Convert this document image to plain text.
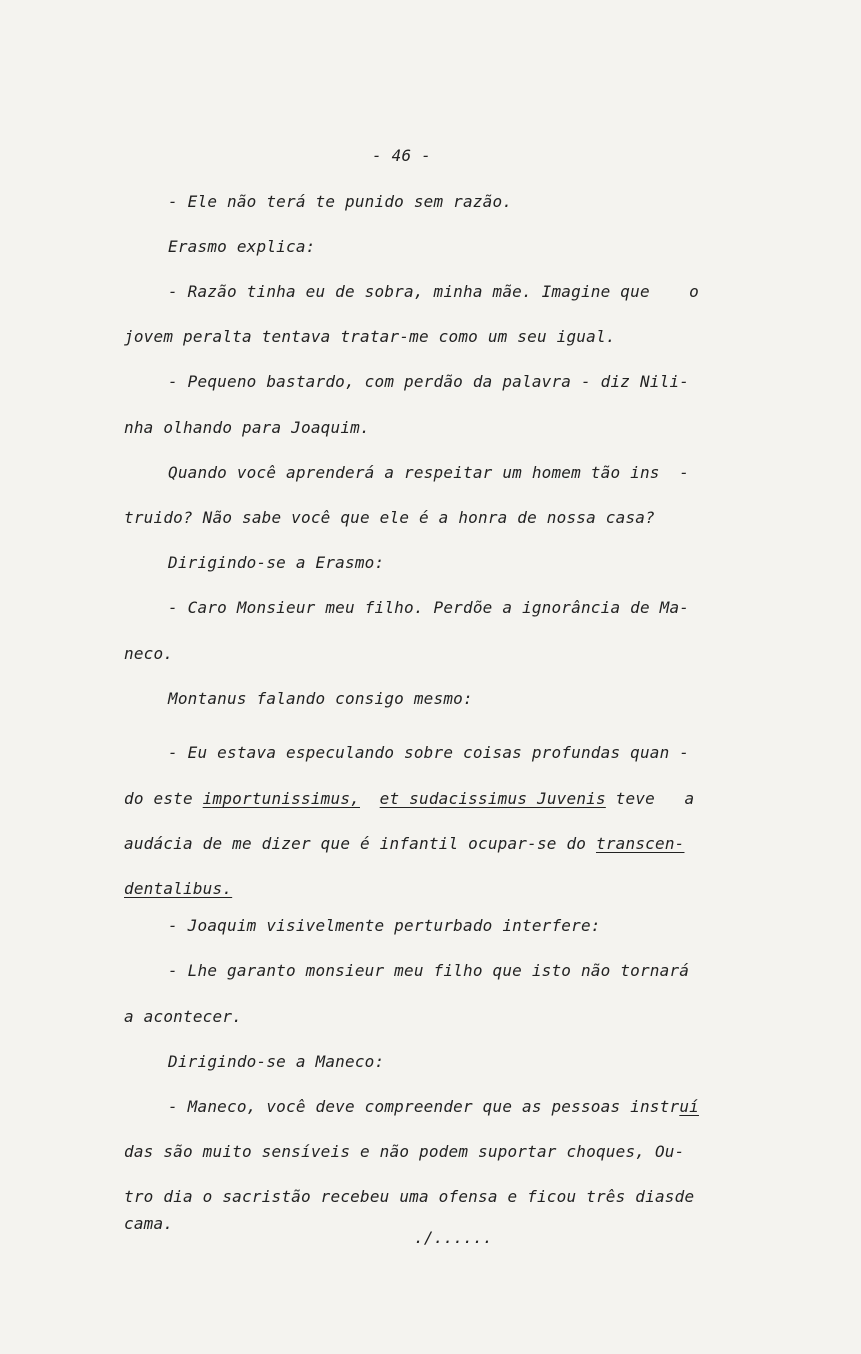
- 46 -
- Ele não terá te punido sem razão.
Erasmo explica:
- Razão tinha eu de sobra, minha mãe. Imagine que    o
jovem peralta tentava tratar-me como um seu igual.
- Pequeno bastardo, com perdão da palavra - diz Nili-
nha olhando para Joaquim.
Quando você aprenderá a respeitar um homem tão ins  -
truido? Não sabe você que ele é a honra de nossa casa?
Dirigindo-se a Erasmo:
- Caro Monsieur meu filho. Perdõe a ignorância de Ma-
neco.
Montanus falando consigo mesmo:
- Eu estava especulando sobre coisas profundas quan -
do este importunissimus, et sudacissimus Juvenis teve   a
audácia de me dizer que é infantil ocupar-se do transcen-
dentalibus.
- Joaquim visivelmente perturbado interfere:
- Lhe garanto monsieur meu filho que isto não tornará
a acontecer.
Dirigindo-se a Maneco:
- Maneco, você deve compreender que as pessoas instruí
das são muito sensíveis e não podem suportar choques, Ou-
tro dia o sacristão recebeu uma ofensa e ficou três diasde
cama.
./......
